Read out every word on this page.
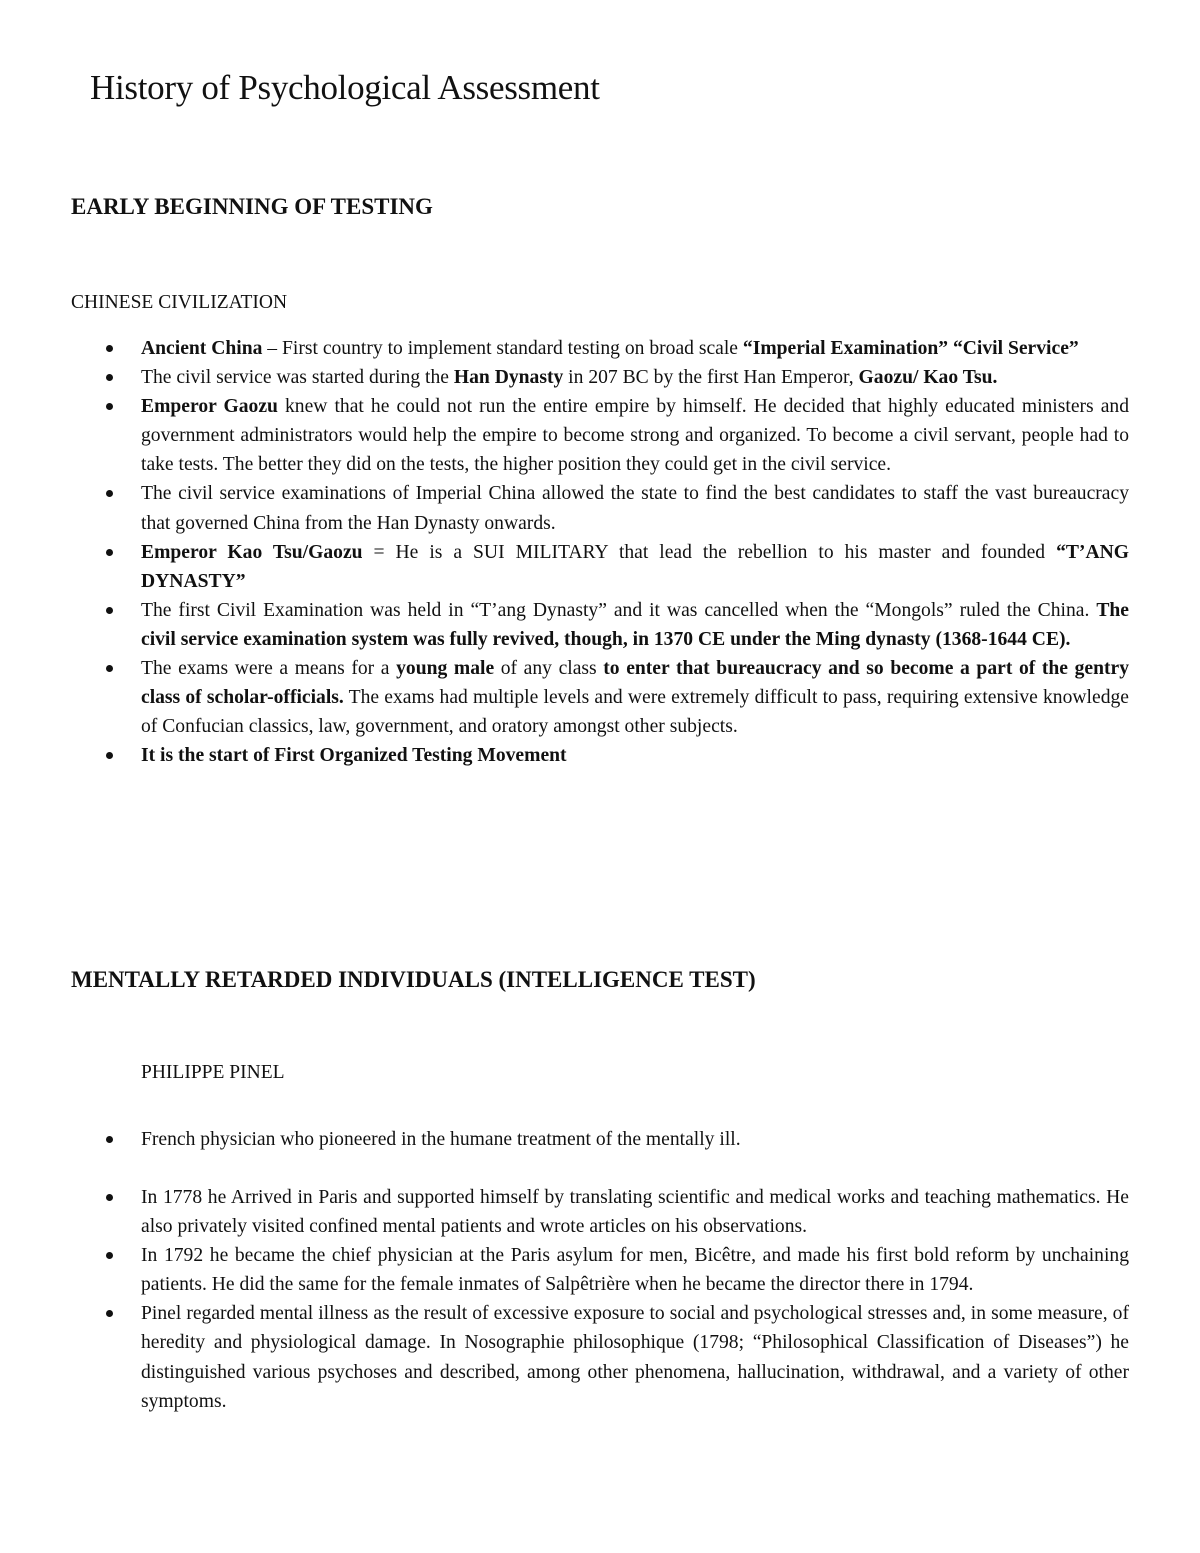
History of Psychological Assessment
EARLY BEGINNING OF TESTING
CHINESE CIVILIZATION
Ancient China – First country to implement standard testing on broad scale “Imperial Examination” “Civil Service”
The civil service was started during the Han Dynasty in 207 BC by the first Han Emperor, Gaozu/ Kao Tsu.
Emperor Gaozu knew that he could not run the entire empire by himself. He decided that highly educated ministers and government administrators would help the empire to become strong and organized. To become a civil servant, people had to take tests. The better they did on the tests, the higher position they could get in the civil service.
The civil service examinations of Imperial China allowed the state to find the best candidates to staff the vast bureaucracy that governed China from the Han Dynasty onwards.
Emperor Kao Tsu/Gaozu = He is a SUI MILITARY that lead the rebellion to his master and founded “T’ANG DYNASTY”
The first Civil Examination was held in “T’ang Dynasty” and it was cancelled when the “Mongols” ruled the China. The civil service examination system was fully revived, though, in 1370 CE under the Ming dynasty (1368-1644 CE).
The exams were a means for a young male of any class to enter that bureaucracy and so become a part of the gentry class of scholar-officials. The exams had multiple levels and were extremely difficult to pass, requiring extensive knowledge of Confucian classics, law, government, and oratory amongst other subjects.
It is the start of First Organized Testing Movement
MENTALLY RETARDED INDIVIDUALS (INTELLIGENCE TEST)
PHILIPPE PINEL
French physician who pioneered in the humane treatment of the mentally ill.
In 1778 he Arrived in Paris and supported himself by translating scientific and medical works and teaching mathematics. He also privately visited confined mental patients and wrote articles on his observations.
In 1792 he became the chief physician at the Paris asylum for men, Bicêtre, and made his first bold reform by unchaining patients. He did the same for the female inmates of Salpêtrière when he became the director there in 1794.
Pinel regarded mental illness as the result of excessive exposure to social and psychological stresses and, in some measure, of heredity and physiological damage. In Nosographie philosophique (1798; “Philosophical Classification of Diseases”) he distinguished various psychoses and described, among other phenomena, hallucination, withdrawal, and a variety of other symptoms.
